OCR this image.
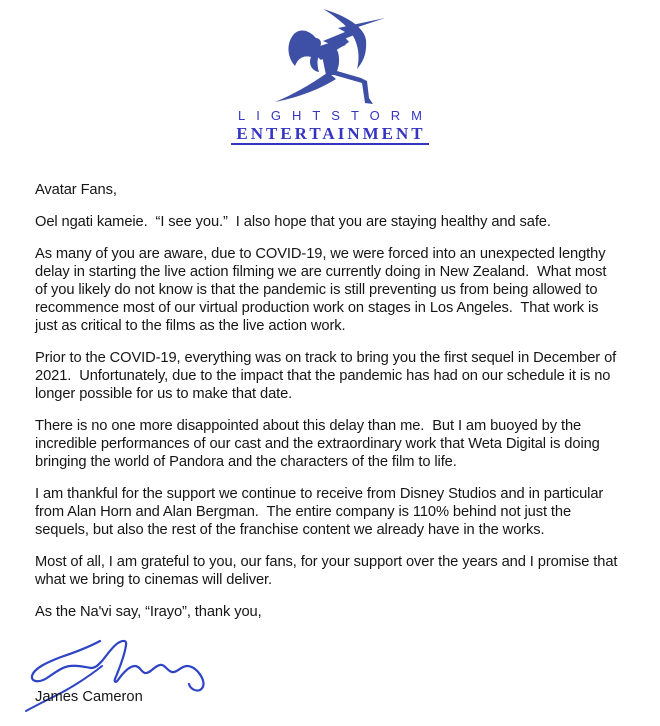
LIGHTSTORM
ENTERTAINMENT
Avatar Fans,
Oel ngati kameie.  “I see you.”  I also hope that you are staying healthy and safe.
As many of you are aware, due to COVID-19, we were forced into an unexpected lengthy
delay in starting the live action filming we are currently doing in New Zealand.  What most
of you likely do not know is that the pandemic is still preventing us from being allowed to
recommence most of our virtual production work on stages in Los Angeles.  That work is
just as critical to the films as the live action work.
Prior to the COVID-19, everything was on track to bring you the first sequel in December of
2021.  Unfortunately, due to the impact that the pandemic has had on our schedule it is no
longer possible for us to make that date.
There is no one more disappointed about this delay than me.  But I am buoyed by the
incredible performances of our cast and the extraordinary work that Weta Digital is doing
bringing the world of Pandora and the characters of the film to life.
I am thankful for the support we continue to receive from Disney Studios and in particular
from Alan Horn and Alan Bergman.  The entire company is 110% behind not just the
sequels, but also the rest of the franchise content we already have in the works.
Most of all, I am grateful to you, our fans, for your support over the years and I promise that
what we bring to cinemas will deliver.
As the Na'vi say, “Irayo”, thank you,
James Cameron
